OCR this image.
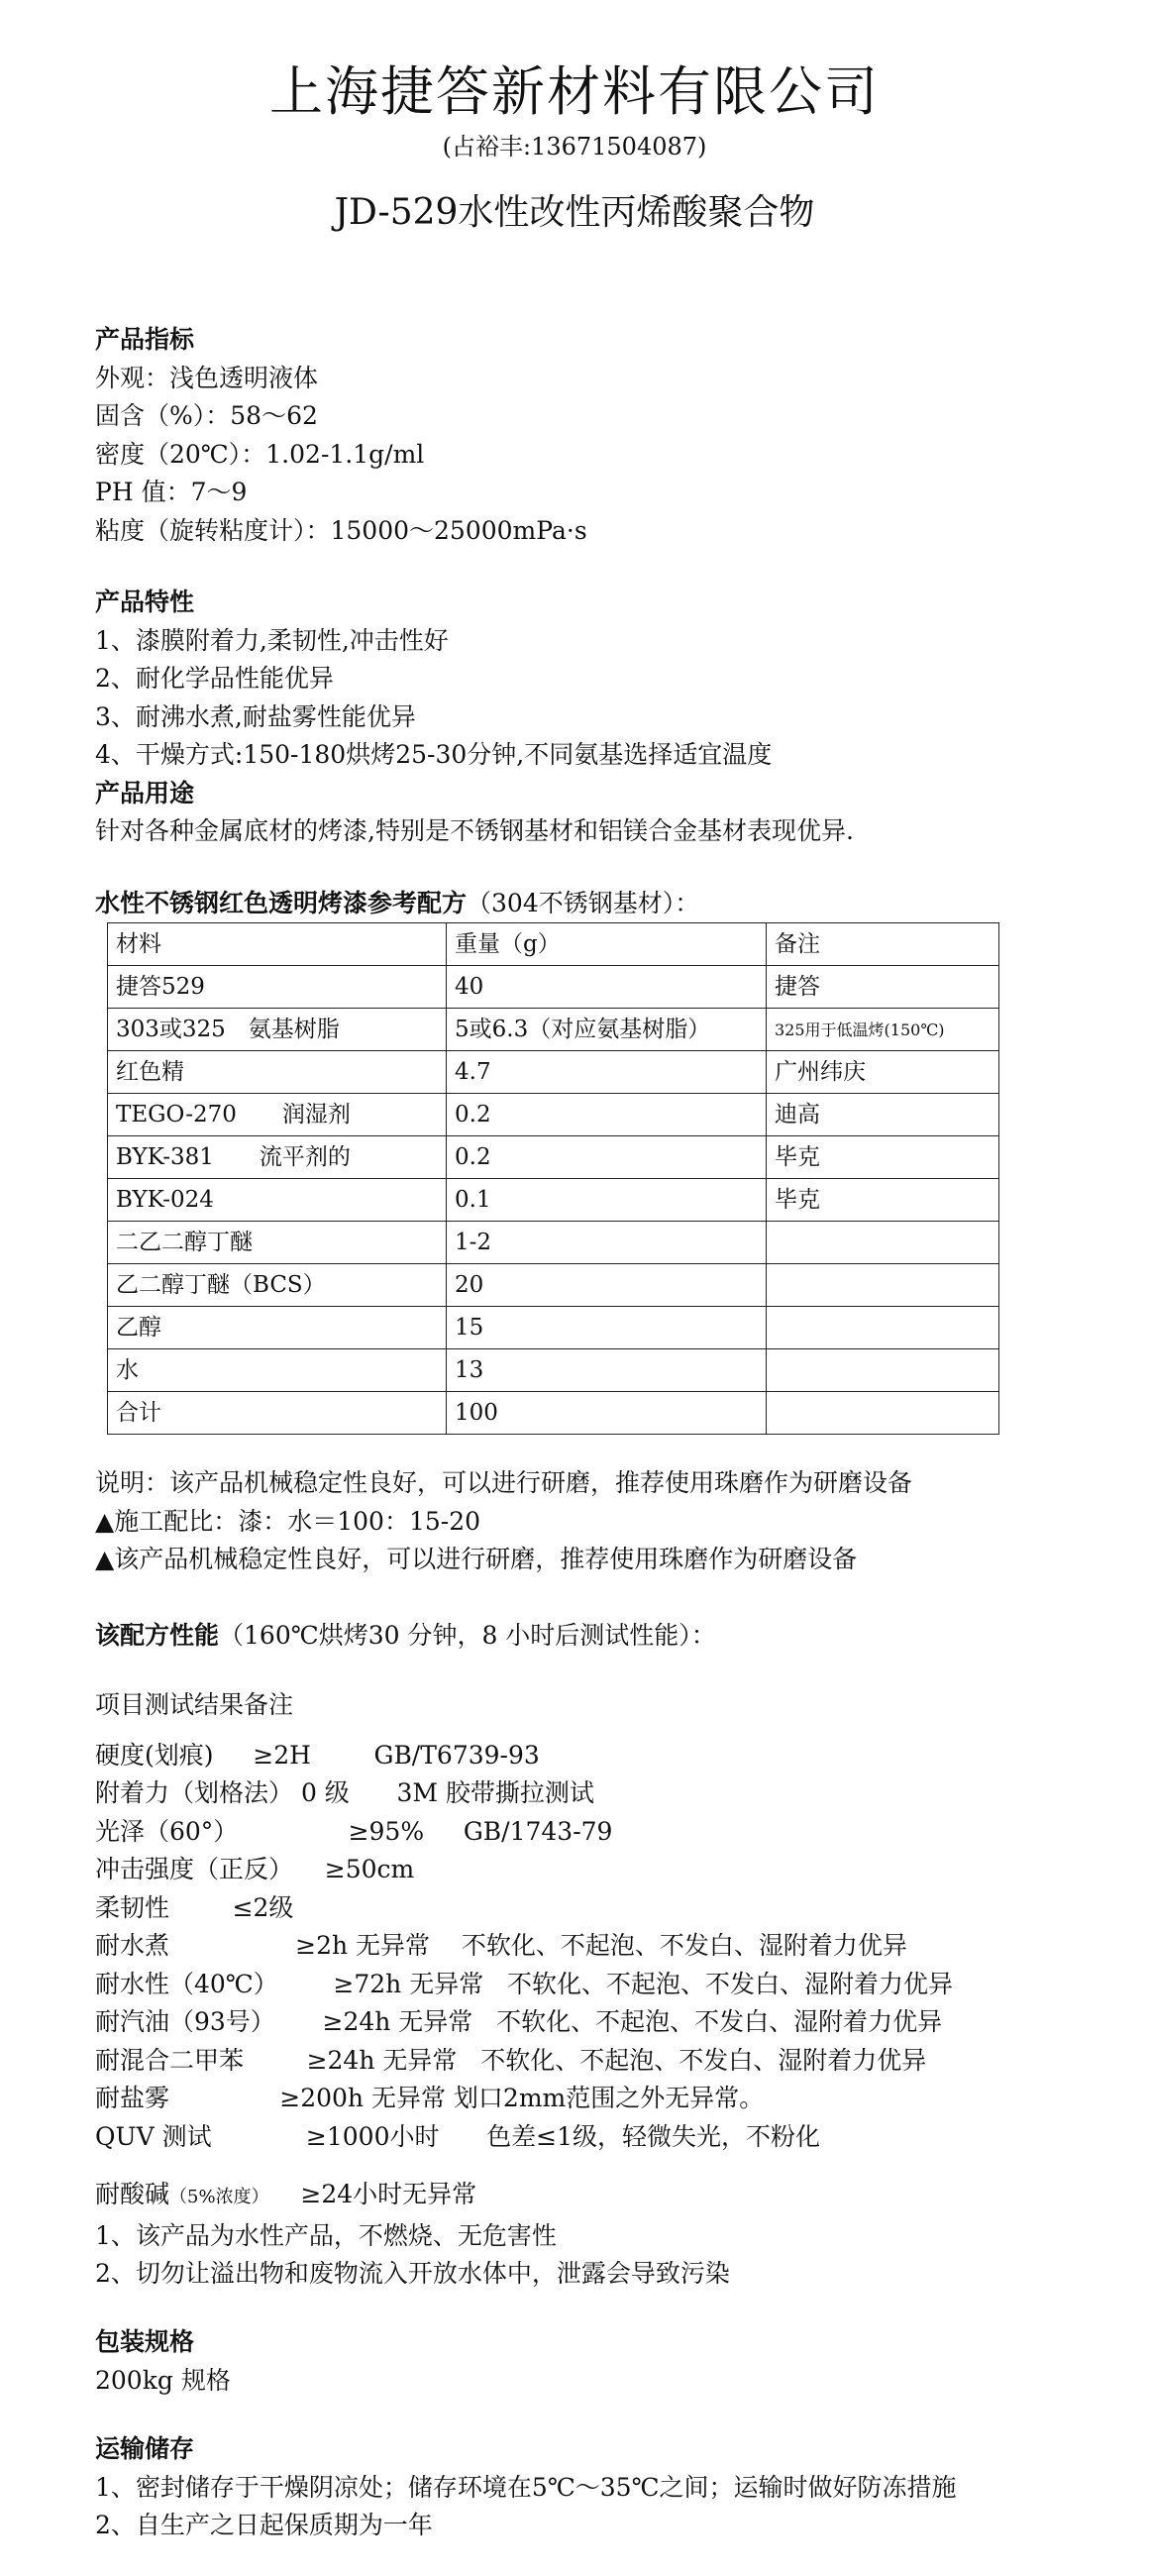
上海捷答新材料有限公司
(占裕丰:13671504087)
JD-529水性改性丙烯酸聚合物
产品指标
外观：浅色透明液体
固含（%）：58～62
密度（20℃）：1.02-1.1g/ml
PH 值：7～9
粘度（旋转粘度计）：15000～25000mPa·s
产品特性
1、漆膜附着力,柔韧性,冲击性好
2、耐化学品性能优异
3、耐沸水煮,耐盐雾性能优异
4、干燥方式:150-180烘烤25-30分钟,不同氨基选择适宜温度
产品用途
针对各种金属底材的烤漆,特别是不锈钢基材和铝镁合金基材表现优异.
水性不锈钢红色透明烤漆参考配方（304不锈钢基材）：
材料	重量（g）	备注
捷答529	40	捷答
303或325　氨基树脂	5或6.3（对应氨基树脂）	325用于低温烤(150℃)
红色精	4.7	广州纬庆
TEGO-270　　润湿剂	0.2	迪高
BYK-381　　流平剂的	0.2	毕克
BYK-024	0.1	毕克
二乙二醇丁醚	1-2	
乙二醇丁醚（BCS）	20	
乙醇	15	
水	13	
合计	100	
说明：该产品机械稳定性良好，可以进行研磨，推荐使用珠磨作为研磨设备
▲施工配比：漆：水＝100：15-20
▲该产品机械稳定性良好，可以进行研磨，推荐使用珠磨作为研磨设备
该配方性能（160℃烘烤30 分钟，8 小时后测试性能）：
项目测试结果备注
硬度(划痕)     ≥2H        GB/T6739-93
附着力（划格法） 0 级      3M 胶带撕拉测试
光泽（60°）              ≥95%     GB/1743-79
冲击强度（正反）    ≥50cm
柔韧性        ≤2级
耐水煮                ≥2h 无异常    不软化、不起泡、不发白、湿附着力优异
耐水性（40℃）       ≥72h 无异常   不软化、不起泡、不发白、湿附着力优异
耐汽油（93号）      ≥24h 无异常   不软化、不起泡、不发白、湿附着力优异
耐混合二甲苯        ≥24h 无异常   不软化、不起泡、不发白、湿附着力优异
耐盐雾              ≥200h 无异常 划口2mm范围之外无异常。
QUV 测试            ≥1000小时      色差≤1级，轻微失光，不粉化
耐酸碱（5%浓度） ≥24小时无异常
1、该产品为水性产品，不燃烧、无危害性
2、切勿让溢出物和废物流入开放水体中，泄露会导致污染
包装规格
200kg 规格
运输储存
1、密封储存于干燥阴凉处；储存环境在5℃～35℃之间；运输时做好防冻措施
2、自生产之日起保质期为一年
